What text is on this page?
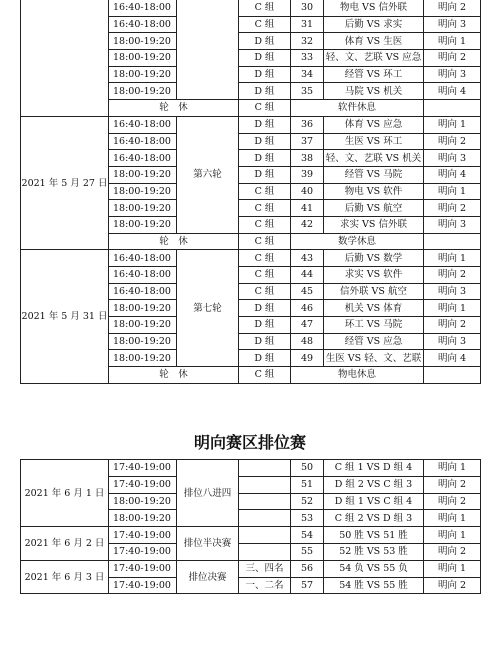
	16:40-18:00		C 组	30	物电 VS 信外联	明向 2
	16:40-18:00		C 组	31	后勤 VS 求实	明向 3
	18:00-19:20		D 组	32	体育 VS 生医	明向 1
	18:00-19:20		D 组	33	轻、文、艺联 VS 应急	明向 2
	18:00-19:20		D 组	34	经管 VS 环工	明向 3
	18:00-19:20		D 组	35	马院 VS 机关	明向 4
	轮　休		C 组	软件休息		
2021 年 5 月 27 日	16:40-18:00	第六轮	D 组	36	体育 VS 应急	明向 1
	16:40-18:00		D 组	37	生医 VS 环工	明向 2
	16:40-18:00		D 组	38	轻、文、艺联 VS 机关	明向 3
	18:00-19:20		D 组	39	经管 VS 马院	明向 4
	18:00-19:20		C 组	40	物电 VS 软件	明向 1
	18:00-19:20		C 组	41	后勤 VS 航空	明向 2
	18:00-19:20		C 组	42	求实 VS 信外联	明向 3
	轮　休		C 组	数学休息		
2021 年 5 月 31 日	16:40-18:00	第七轮	C 组	43	后勤 VS 数学	明向 1
	16:40-18:00		C 组	44	求实 VS 软件	明向 2
	16:40-18:00		C 组	45	信外联 VS 航空	明向 3
	18:00-19:20		D 组	46	机关 VS 体育	明向 1
	18:00-19:20		D 组	47	环工 VS 马院	明向 2
	18:00-19:20		D 组	48	经管 VS 应急	明向 3
	18:00-19:20		D 组	49	生医 VS 轻、文、艺联	明向 4
	轮　休		C 组	物电休息		
明向赛区排位赛
2021 年 6 月 1 日	17:40-19:00	排位八进四		50	C 组 1 VS D 组 4	明向 1
	17:40-19:00			51	D 组 2 VS C 组 3	明向 2
	18:00-19:20			52	D 组 1 VS C 组 4	明向 2
	18:00-19:20			53	C 组 2 VS D 组 3	明向 1
2021 年 6 月 2 日	17:40-19:00	排位半决赛		54	50 胜 VS 51 胜	明向 1
	17:40-19:00			55	52 胜 VS 53 胜	明向 2
2021 年 6 月 3 日	17:40-19:00	排位决赛	三、四名	56	54 负 VS 55 负	明向 1
	17:40-19:00		一、二名	57	54 胜 VS 55 胜	明向 2
